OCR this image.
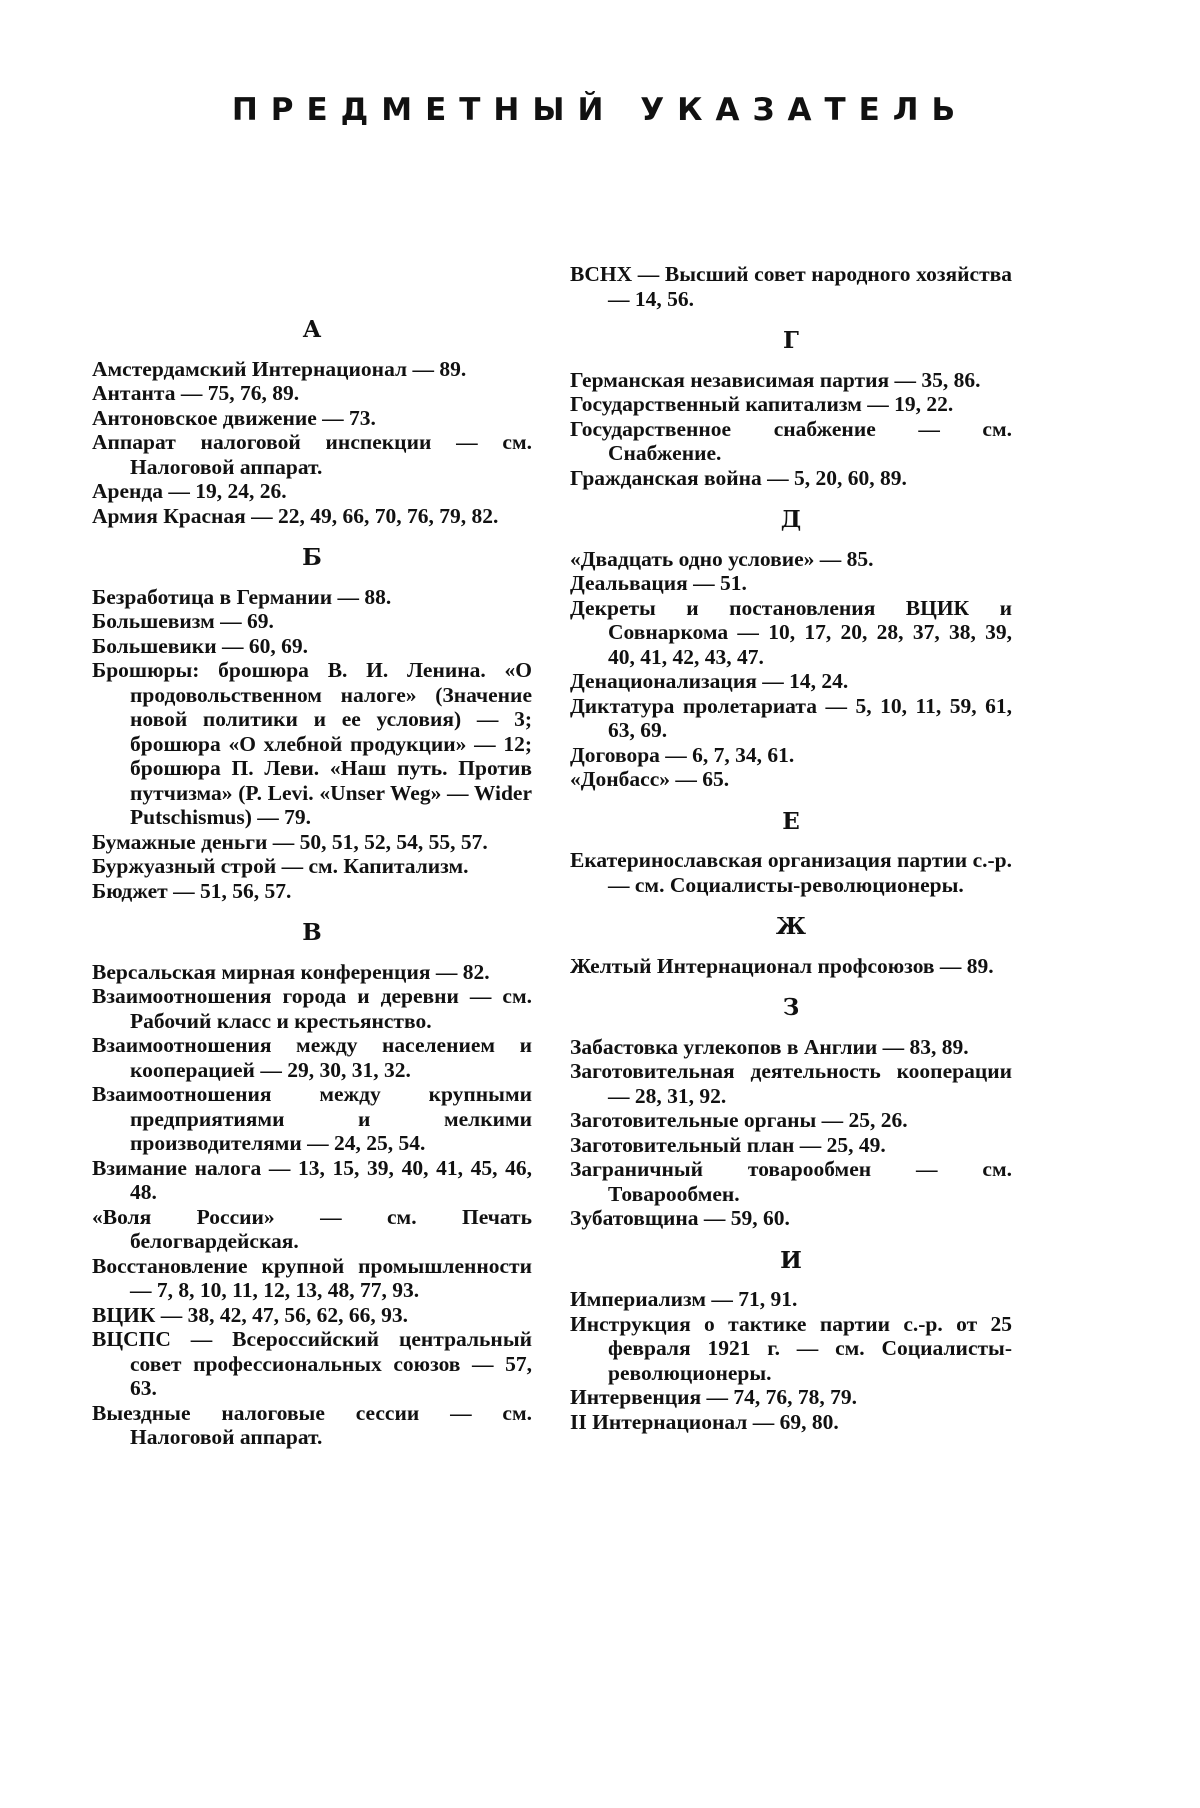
ПРЕДМЕТНЫЙ УКАЗАТЕЛЬ
А

Амстердамский Интернационал — 89.

Антанта — 75, 76, 89.

Антоновское движение — 73.

Аппарат налоговой инспекции — см. Налоговой аппарат.

Аренда — 19, 24, 26.

Армия Красная — 22, 49, 66, 70, 76, 79, 82.

Б

Безработица в Германии — 88.

Большевизм — 69.

Большевики — 60, 69.

Брошюры: брошюра В. И. Ленина. «О продовольственном налоге» (Значение новой политики и ее условия) — 3; брошюра «О хлебной продукции» — 12; брошюра П. Леви. «Наш путь. Против путчизма» (P. Levi. «Unser Weg» — Wider Putschismus) — 79.

Бумажные деньги — 50, 51, 52, 54, 55, 57.

Буржуазный строй — см. Капитализм.

Бюджет — 51, 56, 57.

В

Версальская мирная конференция — 82.

Взаимоотношения города и деревни — см. Рабочий класс и крестьянство.

Взаимоотношения между населением и кооперацией — 29, 30, 31, 32.

Взаимоотношения между крупными предприятиями и мелкими производителями — 24, 25, 54.

Взимание налога — 13, 15, 39, 40, 41, 45, 46, 48.

«Воля России» — см. Печать белогвардейская.

Восстановление крупной промышленности — 7, 8, 10, 11, 12, 13, 48, 77, 93.

ВЦИК — 38, 42, 47, 56, 62, 66, 93.

ВЦСПС — Всероссийский центральный совет профессиональных союзов — 57, 63.

Выездные налоговые сессии — см. Налоговой аппарат.

ВСНХ — Высший совет народного хозяйства — 14, 56.

Г

Германская независимая партия — 35, 86.

Государственный капитализм — 19, 22.

Государственное снабжение — см. Снабжение.

Гражданская война — 5, 20, 60, 89.

Д

«Двадцать одно условие» — 85.

Деальвация — 51.

Декреты и постановления ВЦИК и Совнаркома — 10, 17, 20, 28, 37, 38, 39, 40, 41, 42, 43, 47.

Денационализация — 14, 24.

Диктатура пролетариата — 5, 10, 11, 59, 61, 63, 69.

Договора — 6, 7, 34, 61.

«Донбасс» — 65.

Е

Екатеринославская организация партии с.-р. — см. Социалисты-революционеры.

Ж

Желтый Интернационал профсоюзов — 89.

З

Забастовка углекопов в Англии — 83, 89.

Заготовительная деятельность кооперации — 28, 31, 92.

Заготовительные органы — 25, 26.

Заготовительный план — 25, 49.

Заграничный товарообмен — см. Товарообмен.

Зубатовщина — 59, 60.

И

Империализм — 71, 91.

Инструкция о тактике партии с.-р. от 25 февраля 1921 г. — см. Социалисты-революционеры.

Интервенция — 74, 76, 78, 79.

II Интернационал — 69, 80.
